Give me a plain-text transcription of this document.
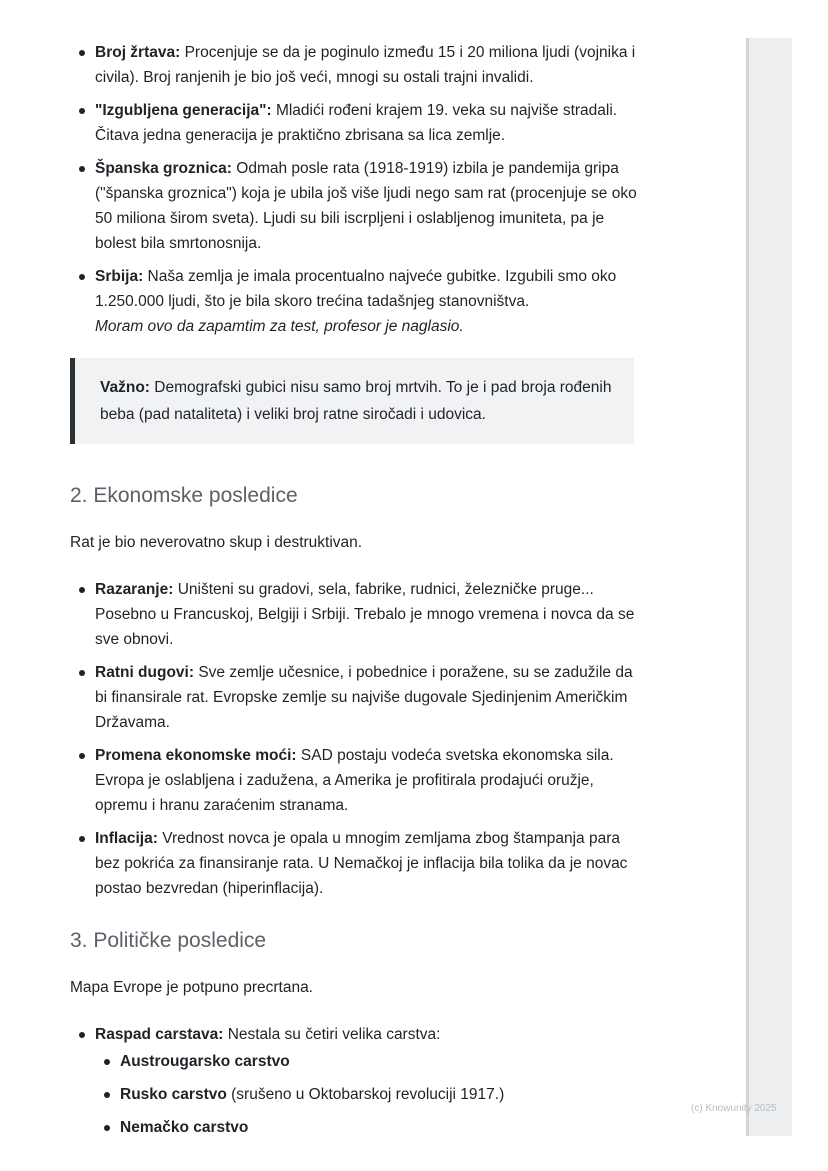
Broj žrtava: Procenjuje se da je poginulo između 15 i 20 miliona ljudi (vojnika i civila). Broj ranjenih je bio još veći, mnogi su ostali trajni invalidi.
"Izgubljena generacija": Mladići rođeni krajem 19. veka su najviše stradali. Čitava jedna generacija je praktično zbrisana sa lica zemlje.
Španska groznica: Odmah posle rata (1918-1919) izbila je pandemija gripa ("španska groznica") koja je ubila još više ljudi nego sam rat (procenjuje se oko 50 miliona širom sveta). Ljudi su bili iscrpljeni i oslabljenog imuniteta, pa je bolest bila smrtonosnija.
Srbija: Naša zemlja je imala procentualno najveće gubitke. Izgubili smo oko 1.250.000 ljudi, što je bila skoro trećina tadašnjeg stanovništva.
Moram ovo da zapamtim za test, profesor je naglasio.
Važno: Demografski gubici nisu samo broj mrtvih. To je i pad broja rođenih beba (pad nataliteta) i veliki broj ratne siročadi i udovica.
2. Ekonomske posledice

Rat je bio neverovatno skup i destruktivan.

Razaranje: Uništeni su gradovi, sela, fabrike, rudnici, železničke pruge... Posebno u Francuskoj, Belgiji i Srbiji. Trebalo je mnogo vremena i novca da se sve obnovi.
Ratni dugovi: Sve zemlje učesnice, i pobednice i poražene, su se zadužile da bi finansirale rat. Evropske zemlje su najviše dugovale Sjedinjenim Američkim Državama.
Promena ekonomske moći: SAD postaju vodeća svetska ekonomska sila. Evropa je oslabljena i zadužena, a Amerika je profitirala prodajući oružje, opremu i hranu zaraćenim stranama.
Inflacija: Vrednost novca je opala u mnogim zemljama zbog štampanja para bez pokrića za finansiranje rata. U Nemačkoj je inflacija bila tolika da je novac postao bezvredan (hiperinflacija).
3. Političke posledice

Mapa Evrope je potpuno precrtana.

Raspad carstava: Nestala su četiri velika carstva:
Austrougarsko carstvo
Rusko carstvo (srušeno u Oktobarskoj revoluciji 1917.)
Nemačko carstvo
(c) Knowunity 2025
